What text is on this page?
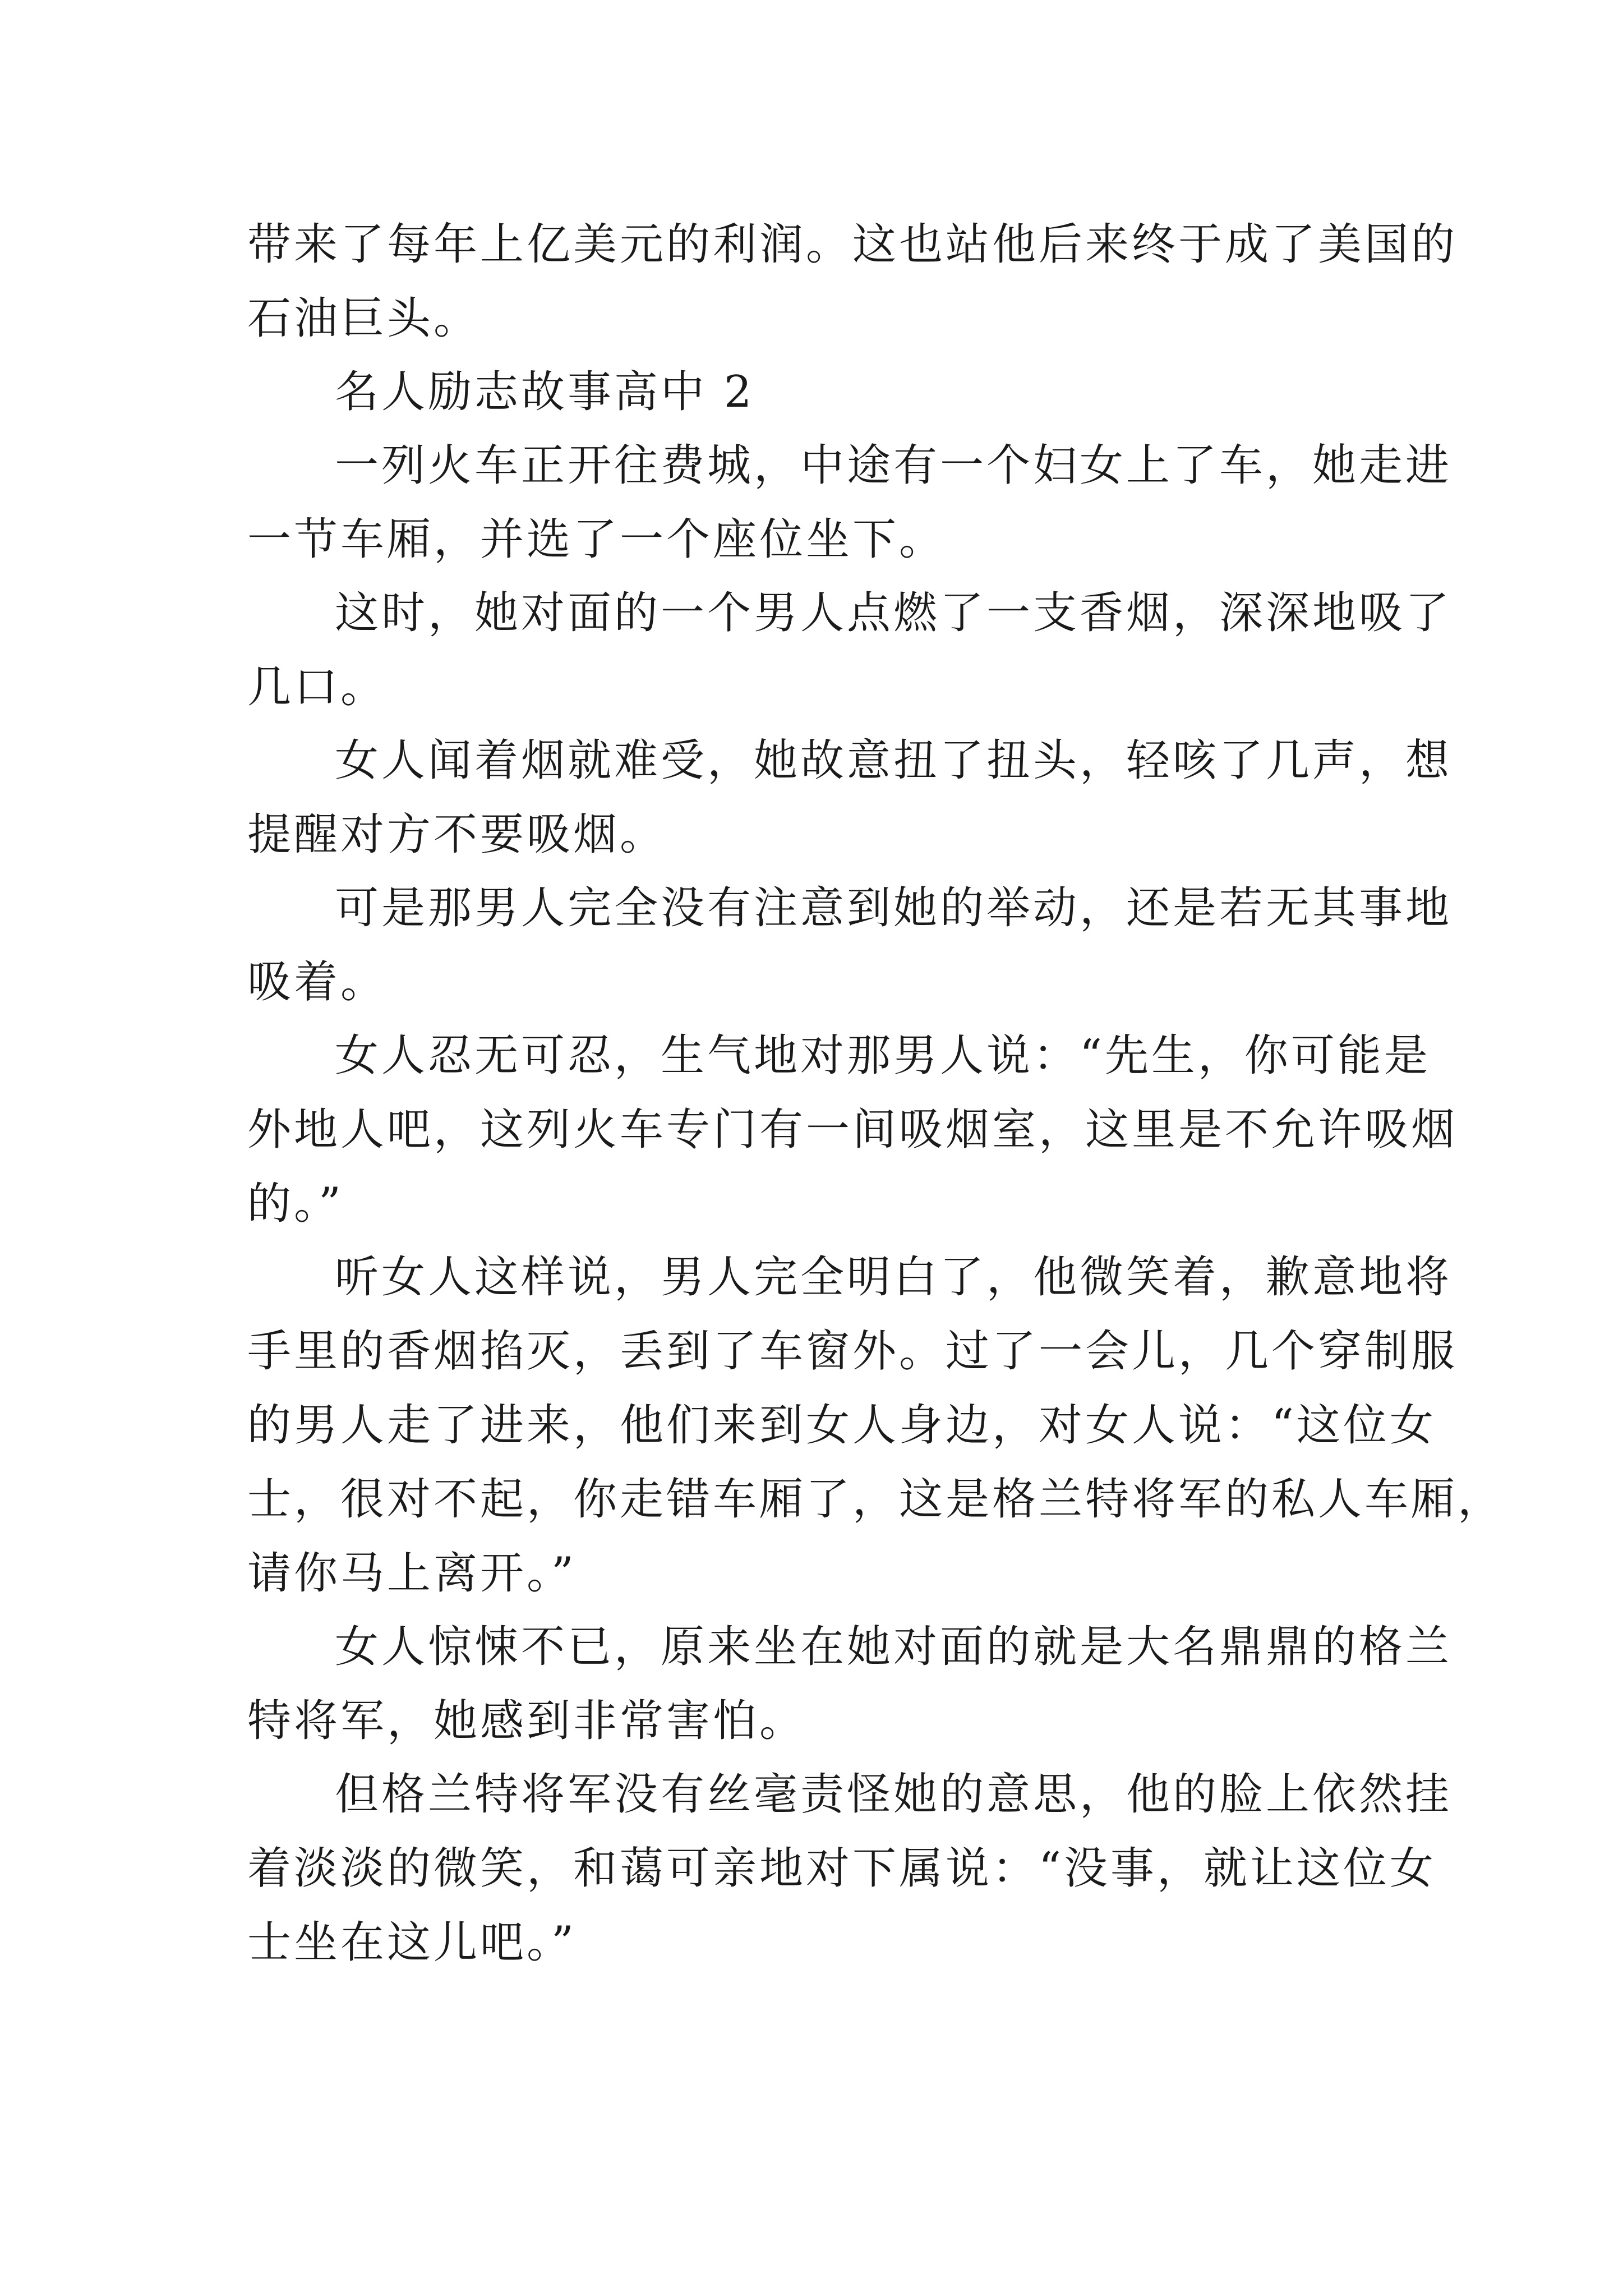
带来了每年上亿美元的利润。这也站他后来终于成了美国的
石油巨头。
名人励志故事高中 2
一列火车正开往费城，中途有一个妇女上了车，她走进
一节车厢，并选了一个座位坐下。
这时，她对面的一个男人点燃了一支香烟，深深地吸了
几口。
女人闻着烟就难受，她故意扭了扭头，轻咳了几声，想
提醒对方不要吸烟。
可是那男人完全没有注意到她的举动，还是若无其事地
吸着。
女人忍无可忍，生气地对那男人说：“先生，你可能是
外地人吧，这列火车专门有一间吸烟室，这里是不允许吸烟
的。”
听女人这样说，男人完全明白了，他微笑着，歉意地将
手里的香烟掐灭，丢到了车窗外。过了一会儿，几个穿制服
的男人走了进来，他们来到女人身边，对女人说：“这位女
士，很对不起，你走错车厢了，这是格兰特将军的私人车厢，
请你马上离开。”
女人惊悚不已，原来坐在她对面的就是大名鼎鼎的格兰
特将军，她感到非常害怕。
但格兰特将军没有丝毫责怪她的意思，他的脸上依然挂
着淡淡的微笑，和蔼可亲地对下属说：“没事，就让这位女
士坐在这儿吧。”
